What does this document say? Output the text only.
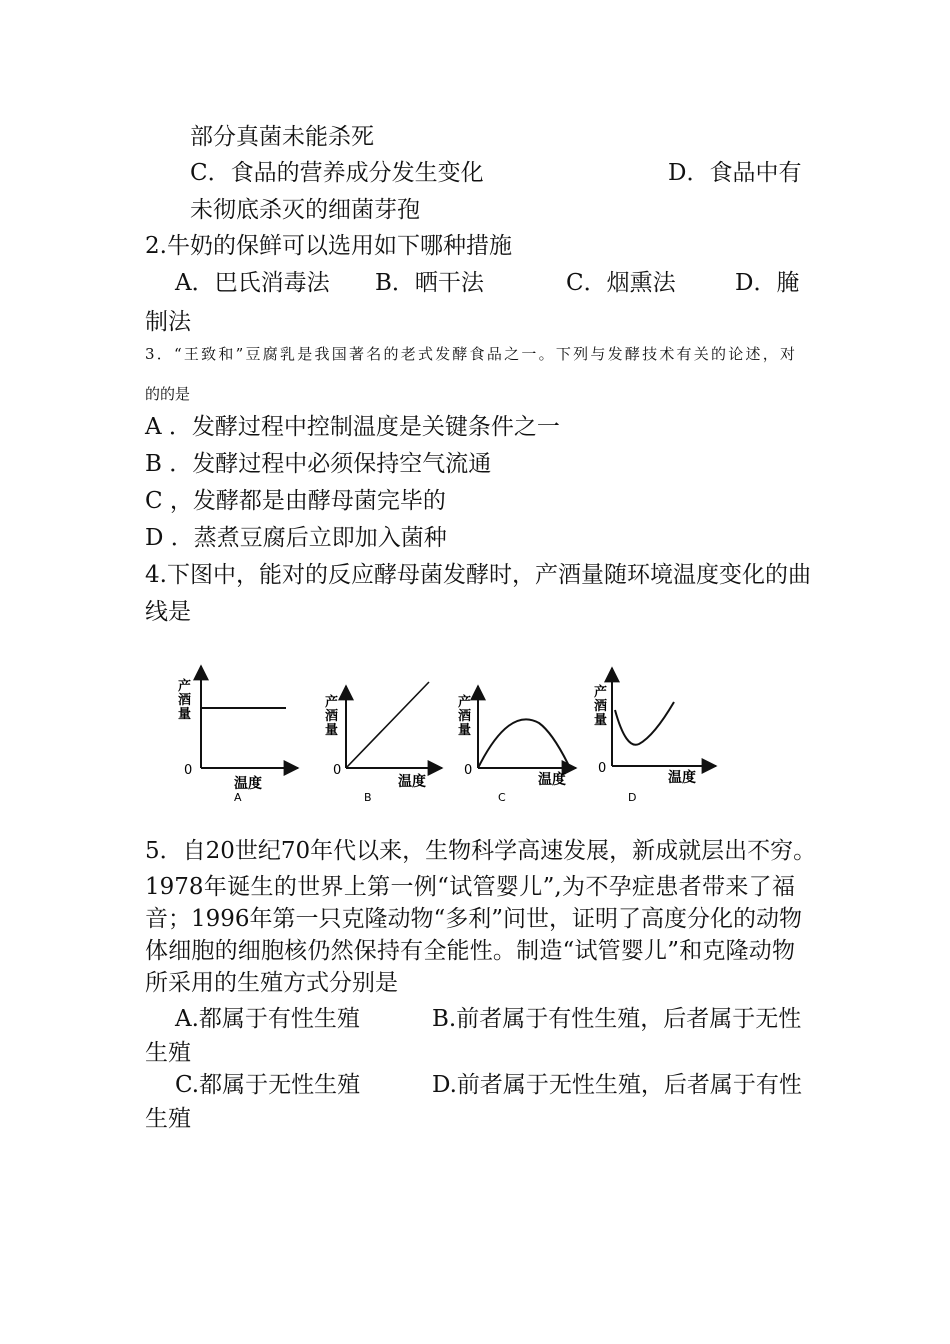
部分真菌未能杀死
C．食品的营养成分发生变化	D．食品中有
未彻底杀灭的细菌芽孢
2.牛奶的保鲜可以选用如下哪种措施
A．巴氏消毒法 B．晒干法	C．烟熏法	D．腌
制法
3．“王致和”豆腐乳是我国著名的老式发酵食品之一。下列与发酵技术有关的论述，对
的的是
A ．发酵过程中控制温度是关键条件之一
B ．发酵过程中必须保持空气流通
C ，发酵都是由酵母菌完毕的
D ．蒸煮豆腐后立即加入菌种
4.下图中，能对的反应酵母菌发酵时，产酒量随环境温度变化的曲
线是
产
酒
量
0
温度
A
产
酒
量
0
温度
B
产
酒
量
0
温度
C
产
酒
量
0
温度
D
5．自20世纪70年代以来，生物科学高速发展，新成就层出不穷。
1978年诞生的世界上第一例“试管婴儿”,为不孕症患者带来了福
音；1996年第一只克隆动物“多利”问世，证明了高度分化的动物
体细胞的细胞核仍然保持有全能性。制造“试管婴儿”和克隆动物
所采用的生殖方式分别是
A.都属于有性生殖	B.前者属于有性生殖，后者属于无性
生殖
C.都属于无性生殖	D.前者属于无性生殖，后者属于有性
生殖
